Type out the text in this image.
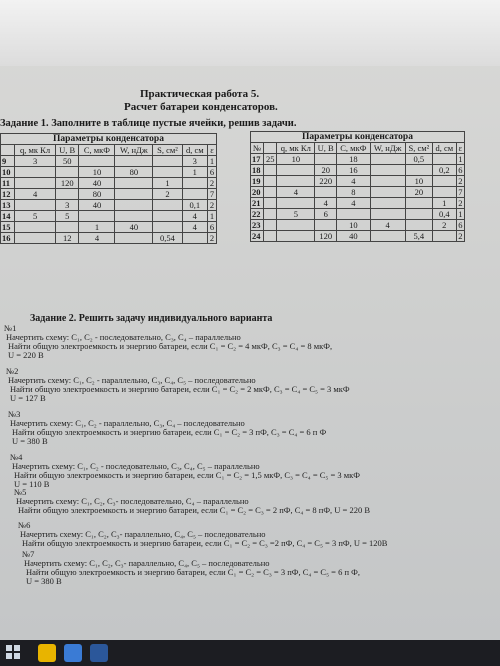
Практическая работа 5.
Расчет батареи конденсаторов.
Задание 1. Заполните в таблице пустые ячейки, решив задачи.
Параметры конденсатора							
	q, мк Кл	U, В	C, мкФ	W, нДж	S, см²	d, см	ε
9	3	50				3	1
10			10	80		1	6
11		120	40		1		2
12	4		80		2		7
13		3	40			0,1	2
14	5	5				4	1
15			1	40		4	6
16		12	4		0,54		2
Параметры конденсатора								
№		q, мк Кл	U, В	C, мкФ	W, нДж	S, см²	d, см	ε
17	25	10		18		0,5		1
18			20	16			0,2	6
19			220	4		10		2
20		4		8		20		7
21			4	4			1	2
22		5	6				0,4	1
23				10	4		2	6
24			120	40		5,4		2
Задание 2. Решить задачу индивидуального варианта
№1
Начертить схему: C₁, C₂ - последовательно, C₃, C₄ – параллельно
Найти общую электроемкость и энергию батареи, если C₁ = C₂ = 4 мкФ, C₃ = C₄ = 8 мкФ,
U = 220 В
№2
Начертить схему: C₁, C₂ - параллельно, C₃, C₄, C₅ – последовательно
Найти общую электроемкость и энергию батареи, если C₁ = C₂ = 2 мкФ, C₃ = C₄ = C₅ = 3 мкФ
U = 127 В
№3
Начертить схему: C₁, C₂ - параллельно, C₃, C₄ – последовательно
Найти общую электроемкость и энергию батареи, если C₁ = C₂ = 3 пФ, C₃ = C₄ = 6 п Ф
U = 380 В
№4
Начертить схему: C₁, C₂ - последовательно, C₃, C₄, C₅ – параллельно
Найти общую электроемкость и энергию батареи, если C₁ = C₂ = 1,5 мкФ, C₃ = C₄ = C₅ = 3 мкФ
U = 110 В
№5
Начертить схему: C₁, C₂, C₃- последовательно, C₄ – параллельно
Найти общую электроемкость и энергию батареи, если C₁ = C₂ = C₃ = 2 пФ, C₄ = 8 пФ, U = 220 В
№6
Начертить схему: C₁, C₂, C₃- параллельно, C₄, C₅ – последовательно
Найти общую электроемкость и энергию батареи, если C₁ = C₂ = C₃ =2 пФ, C₄ = C₅ = 3 пФ, U = 120В
№7
Начертить схему: C₁, C₂, C₃- параллельно, C₄, C₅ – последовательно
Найти общую электроемкость и энергию батареи, если C₁ = C₂ = C₃ = 3 пФ, C₄ = C₅ = 6 п Ф,
U = 380 В
